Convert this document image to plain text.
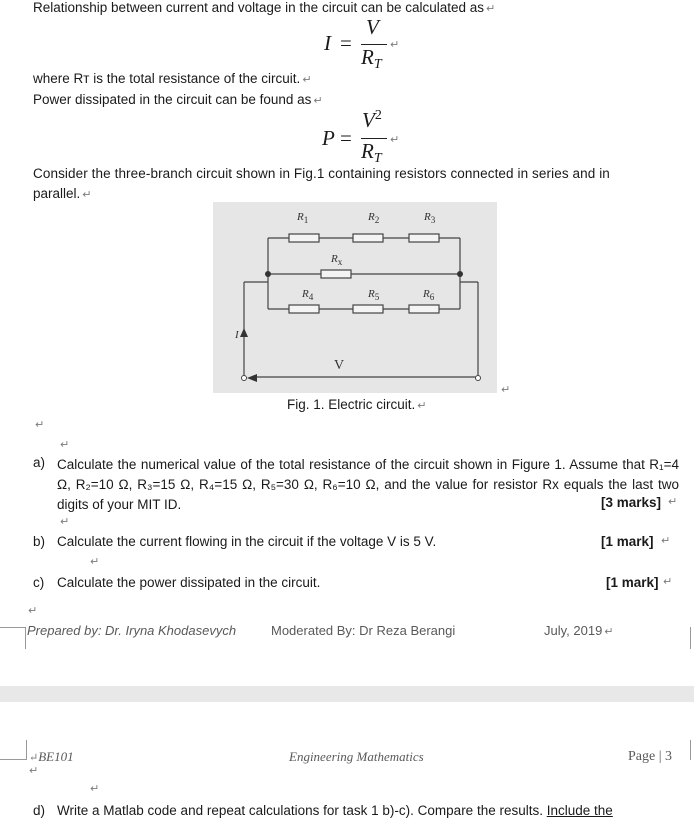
Relationship between current and voltage in the circuit can be calculated as ↵
I =
V
RT
↵
where Rᴛ is the total resistance of the circuit. ↵
Power dissipated in the circuit can be found as ↵
P =
$V^2$
RT
↵
Consider the three-branch circuit shown in Fig.1 containing resistors connected in series and in
parallel. ↵
$R_1$	$R_2$	$R_3$
$R_x$
$R_4$	$R_5$	$R_6$
I
V
↵
Fig. 1. Electric circuit. ↵
↵
↵
a) Calculate the numerical value of the total resistance of the circuit shown in Figure 1. Assume that R₁=4 Ω, R₂=10 Ω, R₃=15 Ω, R₄=15 Ω, R₅=30 Ω, R₆=10 Ω, and the value for resistor Rx equals the last two digits of your MIT ID.	[3 marks] ↵
↵
b) Calculate the current flowing in the circuit if the voltage V is 5 V.	[1 mark] ↵
↵
c) Calculate the power dissipated in the circuit.	[1 mark] ↵
↵
Prepared by: Dr. Iryna Khodasevych	Moderated By: Dr Reza Berangi	July, 2019 ↵
↵BE101	Engineering Mathematics	Page | 3
↵
↵
d) Write a Matlab code and repeat calculations for task 1 b)-c). Compare the results. Include the
